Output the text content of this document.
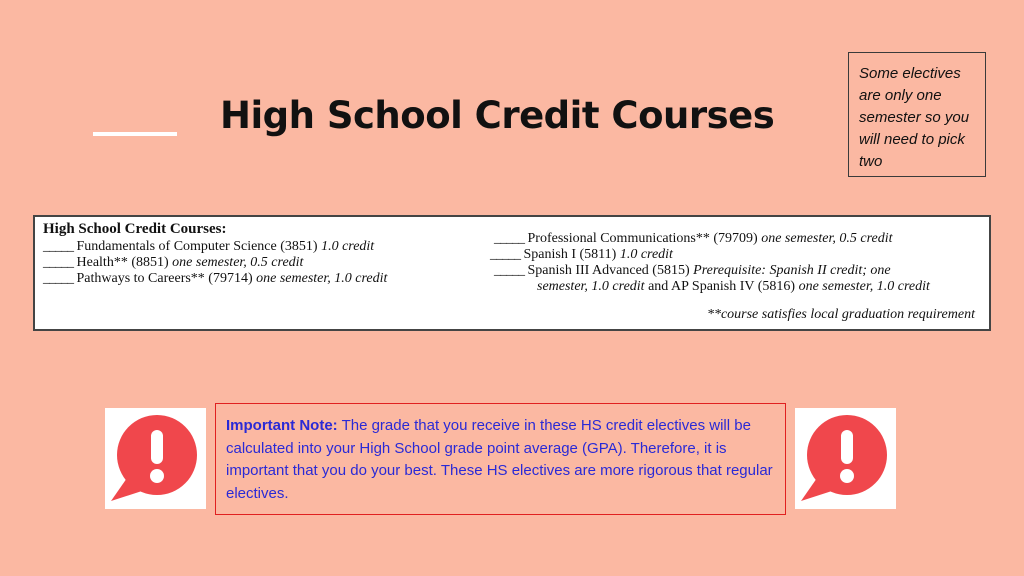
High School Credit Courses
Some electives are only one semester so you will need to pick two
High School Credit Courses:
_____ Fundamentals of Computer Science (3851) 1.0 credit
_____ Health** (8851) one semester, 0.5 credit
_____ Pathways to Careers** (79714) one semester, 1.0 credit
_____ Professional Communications** (79709) one semester, 0.5 credit
_____ Spanish I (5811) 1.0 credit
_____ Spanish III Advanced (5815) Prerequisite: Spanish II credit; one
semester, 1.0 credit and AP Spanish IV (5816) one semester, 1.0 credit
**course satisfies local graduation requirement
Important Note: The grade that you receive in these HS credit electives will be calculated into your High School grade point average (GPA). Therefore, it is important that you do your best. These HS electives are more rigorous that regular electives.
